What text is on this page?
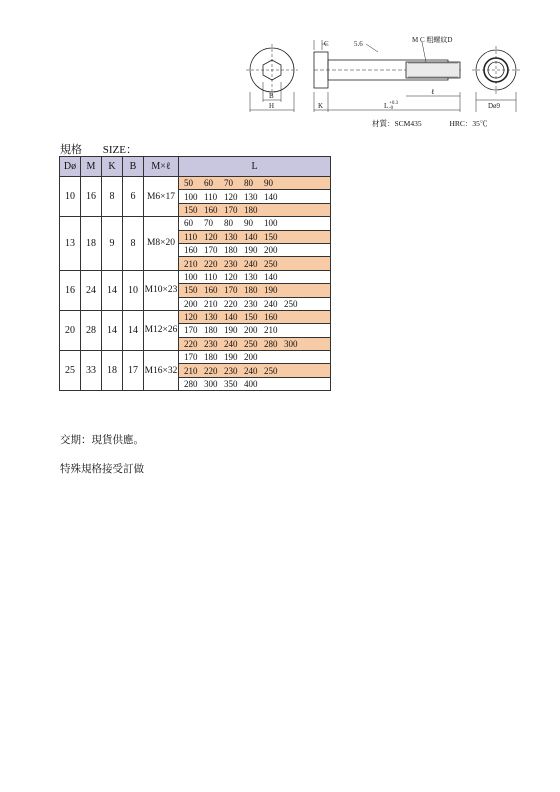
B
H
C	5.6	M C 粗螺紋D
K	L +0.3
-0
ℓ
Dø9
材質：SCM435	HRC：35℃
規格 SIZE：
Dø	M	K	B	M×ℓ	L
10	16	8	6	M6×17	50 60 70 80 90
					100 110 120 130 140
					150 160 170 180
13	18	9	8	M8×20	60 70 80 90 100
					110 120 130 140 150
					160 170 180 190 200
					210 220 230 240 250
16	24	14	10	M10×23	100 110 120 130 140
					150 160 170 180 190
					200 210 220 230 240 250
20	28	14	14	M12×26	120 130 140 150 160
					170 180 190 200 210
					220 230 240 250 280 300
25	33	18	17	M16×32	170 180 190 200
					210 220 230 240 250
					280 300 350 400
交期：現貨供應。
特殊規格接受訂做
